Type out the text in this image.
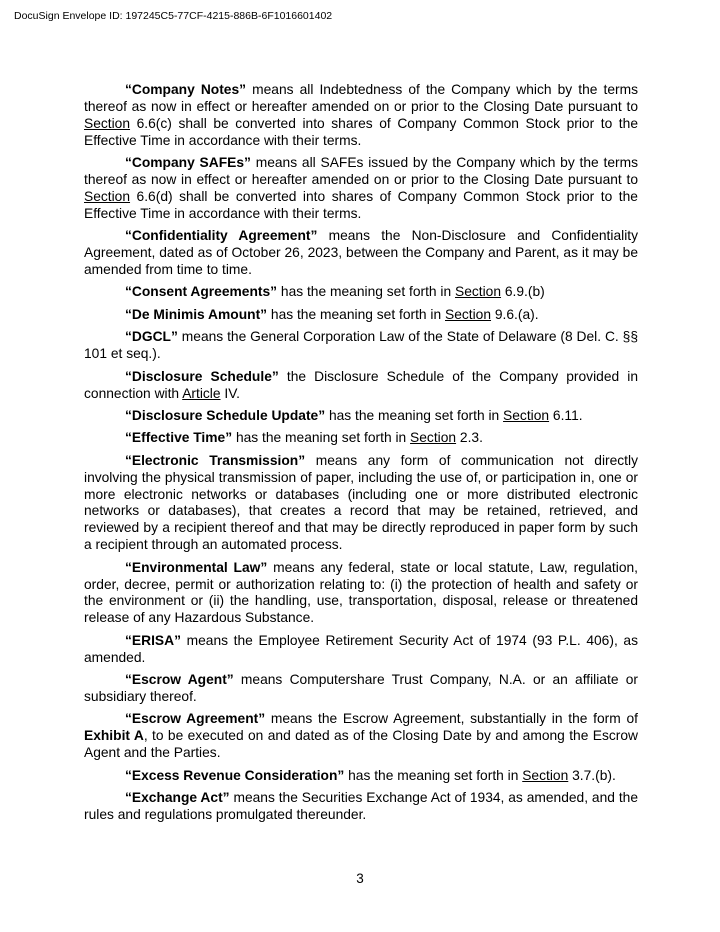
DocuSign Envelope ID: 197245C5-77CF-4215-886B-6F1016601402

“Company Notes” means all Indebtedness of the Company which by the terms thereof as now in effect or hereafter amended on or prior to the Closing Date pursuant to Section 6.6(c) shall be converted into shares of Company Common Stock prior to the Effective Time in accordance with their terms.

“Company SAFEs” means all SAFEs issued by the Company which by the terms thereof as now in effect or hereafter amended on or prior to the Closing Date pursuant to Section 6.6(d) shall be converted into shares of Company Common Stock prior to the Effective Time in accordance with their terms.

“Confidentiality Agreement” means the Non-Disclosure and Confidentiality Agreement, dated as of October 26, 2023, between the Company and Parent, as it may be amended from time to time.

“Consent Agreements” has the meaning set forth in Section 6.9.(b)

“De Minimis Amount” has the meaning set forth in Section 9.6.(a).

“DGCL” means the General Corporation Law of the State of Delaware (8 Del. C. §§ 101 et seq.).

“Disclosure Schedule” the Disclosure Schedule of the Company provided in connection with Article IV.

“Disclosure Schedule Update” has the meaning set forth in Section 6.11.

“Effective Time” has the meaning set forth in Section 2.3.

“Electronic Transmission” means any form of communication not directly involving the physical transmission of paper, including the use of, or participation in, one or more electronic networks or databases (including one or more distributed electronic networks or databases), that creates a record that may be retained, retrieved, and reviewed by a recipient thereof and that may be directly reproduced in paper form by such a recipient through an automated process.

“Environmental Law” means any federal, state or local statute, Law, regulation, order, decree, permit or authorization relating to: (i) the protection of health and safety or the environment or (ii) the handling, use, transportation, disposal, release or threatened release of any Hazardous Substance.

“ERISA” means the Employee Retirement Security Act of 1974 (93 P.L. 406), as amended.

“Escrow Agent” means Computershare Trust Company, N.A. or an affiliate or subsidiary thereof.

“Escrow Agreement” means the Escrow Agreement, substantially in the form of Exhibit A, to be executed on and dated as of the Closing Date by and among the Escrow Agent and the Parties.

“Excess Revenue Consideration” has the meaning set forth in Section 3.7.(b).

“Exchange Act” means the Securities Exchange Act of 1934, as amended, and the rules and regulations promulgated thereunder.

3
